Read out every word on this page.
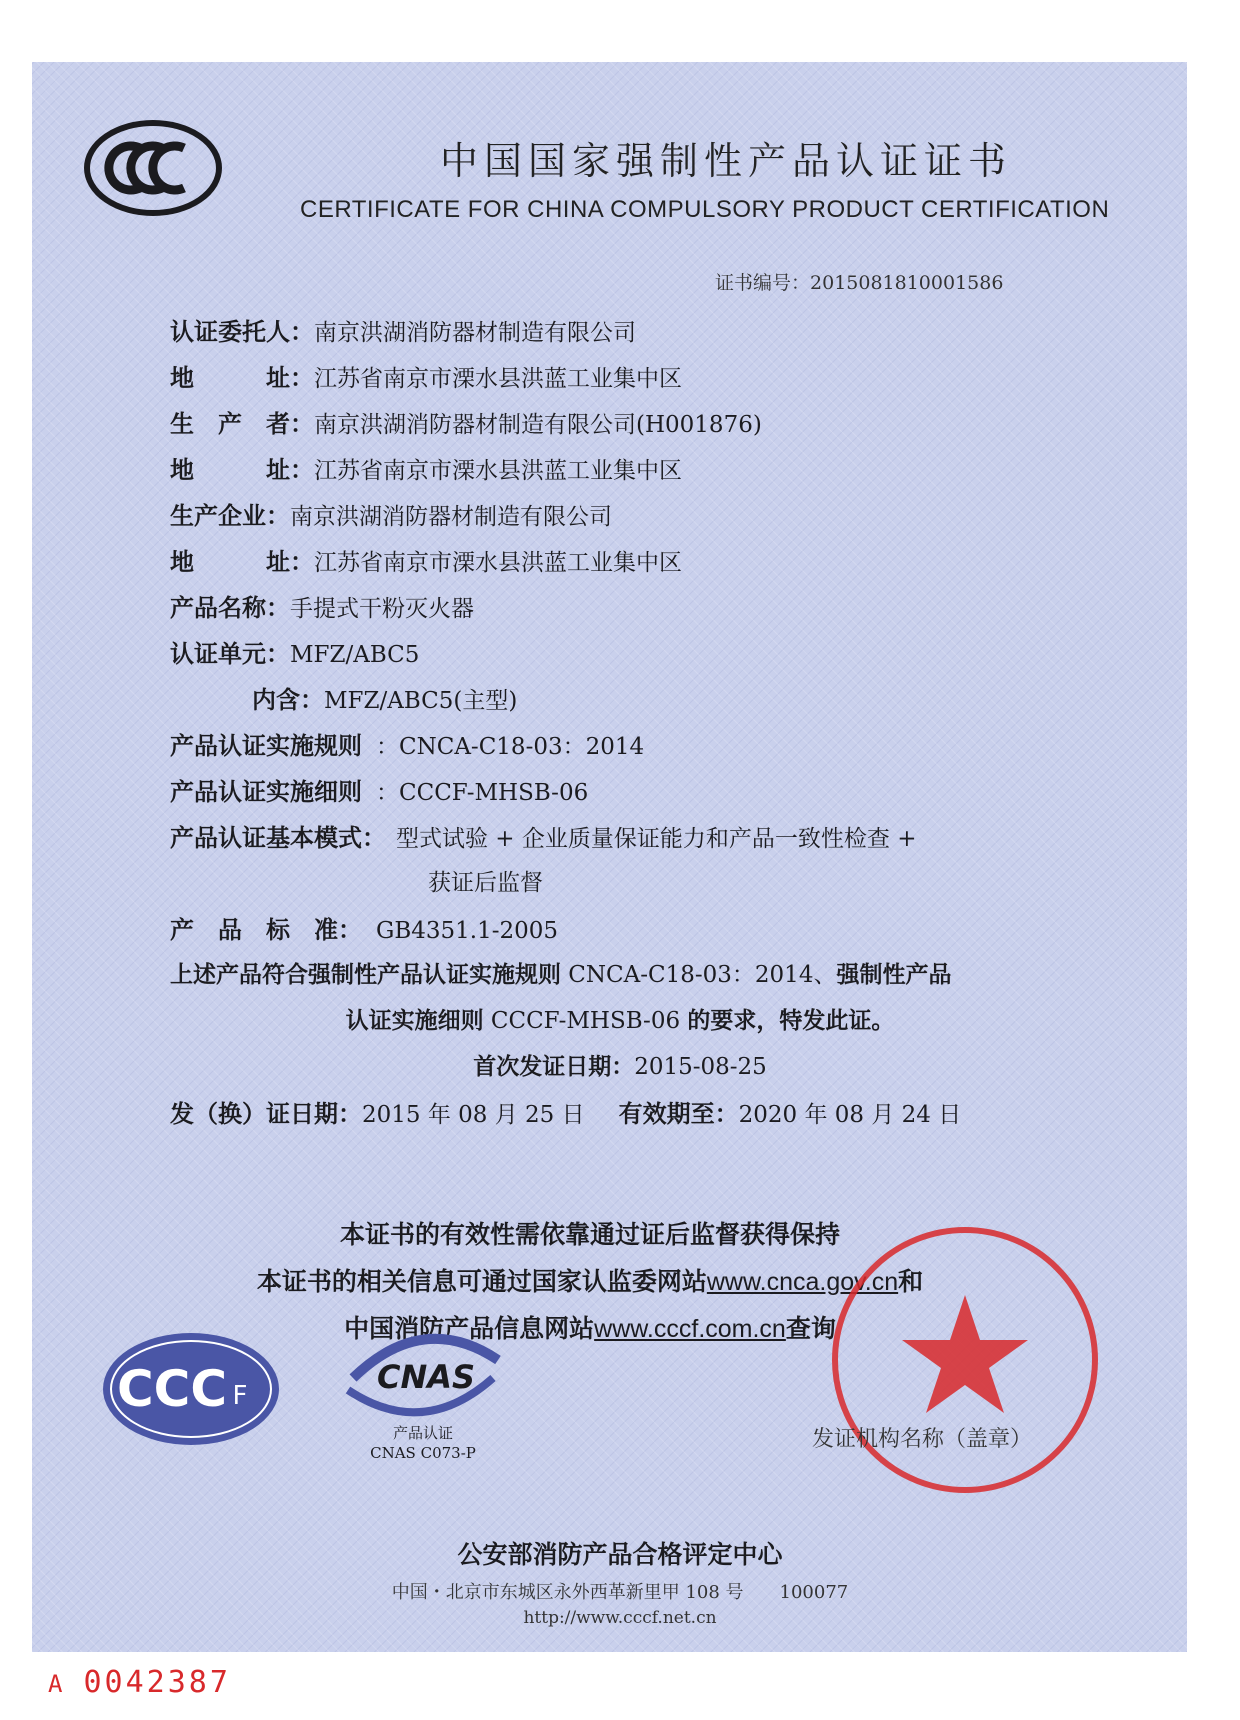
中国国家强制性产品认证证书
CERTIFICATE FOR CHINA COMPULSORY PRODUCT CERTIFICATION
证书编号：2015081810001586
认证委托人：南京洪湖消防器材制造有限公司
地　　　址：江苏省南京市溧水县洪蓝工业集中区
生　产　者：南京洪湖消防器材制造有限公司(H001876)
地　　　址：江苏省南京市溧水县洪蓝工业集中区
生产企业：南京洪湖消防器材制造有限公司
地　　　址：江苏省南京市溧水县洪蓝工业集中区
产品名称：手提式干粉灭火器
认证单元：MFZ/ABC5
内含：MFZ/ABC5(主型)
产品认证实施规则 ：CNCA-C18-03：2014
产品认证实施细则 ：CCCF-MHSB-06
产品认证基本模式： 型式试验 + 企业质量保证能力和产品一致性检查 +
获证后监督
产　品　标　准： GB4351.1-2005
上述产品符合强制性产品认证实施规则 CNCA-C18-03：2014、强制性产品
认证实施细则 CCCF-MHSB-06 的要求，特发此证。
首次发证日期：2015-08-25
发（换）证日期：2015 年 08 月 25 日 有效期至：2020 年 08 月 24 日
本证书的有效性需依靠通过证后监督获得保持
本证书的相关信息可通过国家认监委网站www.cnca.gov.cn和
中国消防产品信息网站www.cccf.com.cn查询
CCC F	CNAS
产品认证
CNAS C073-P
发证机构名称（盖章）
公安部消防产品合格评定中心
中国・北京市东城区永外西革新里甲 108 号　　100077
http://www.cccf.net.cn
A 0042387
